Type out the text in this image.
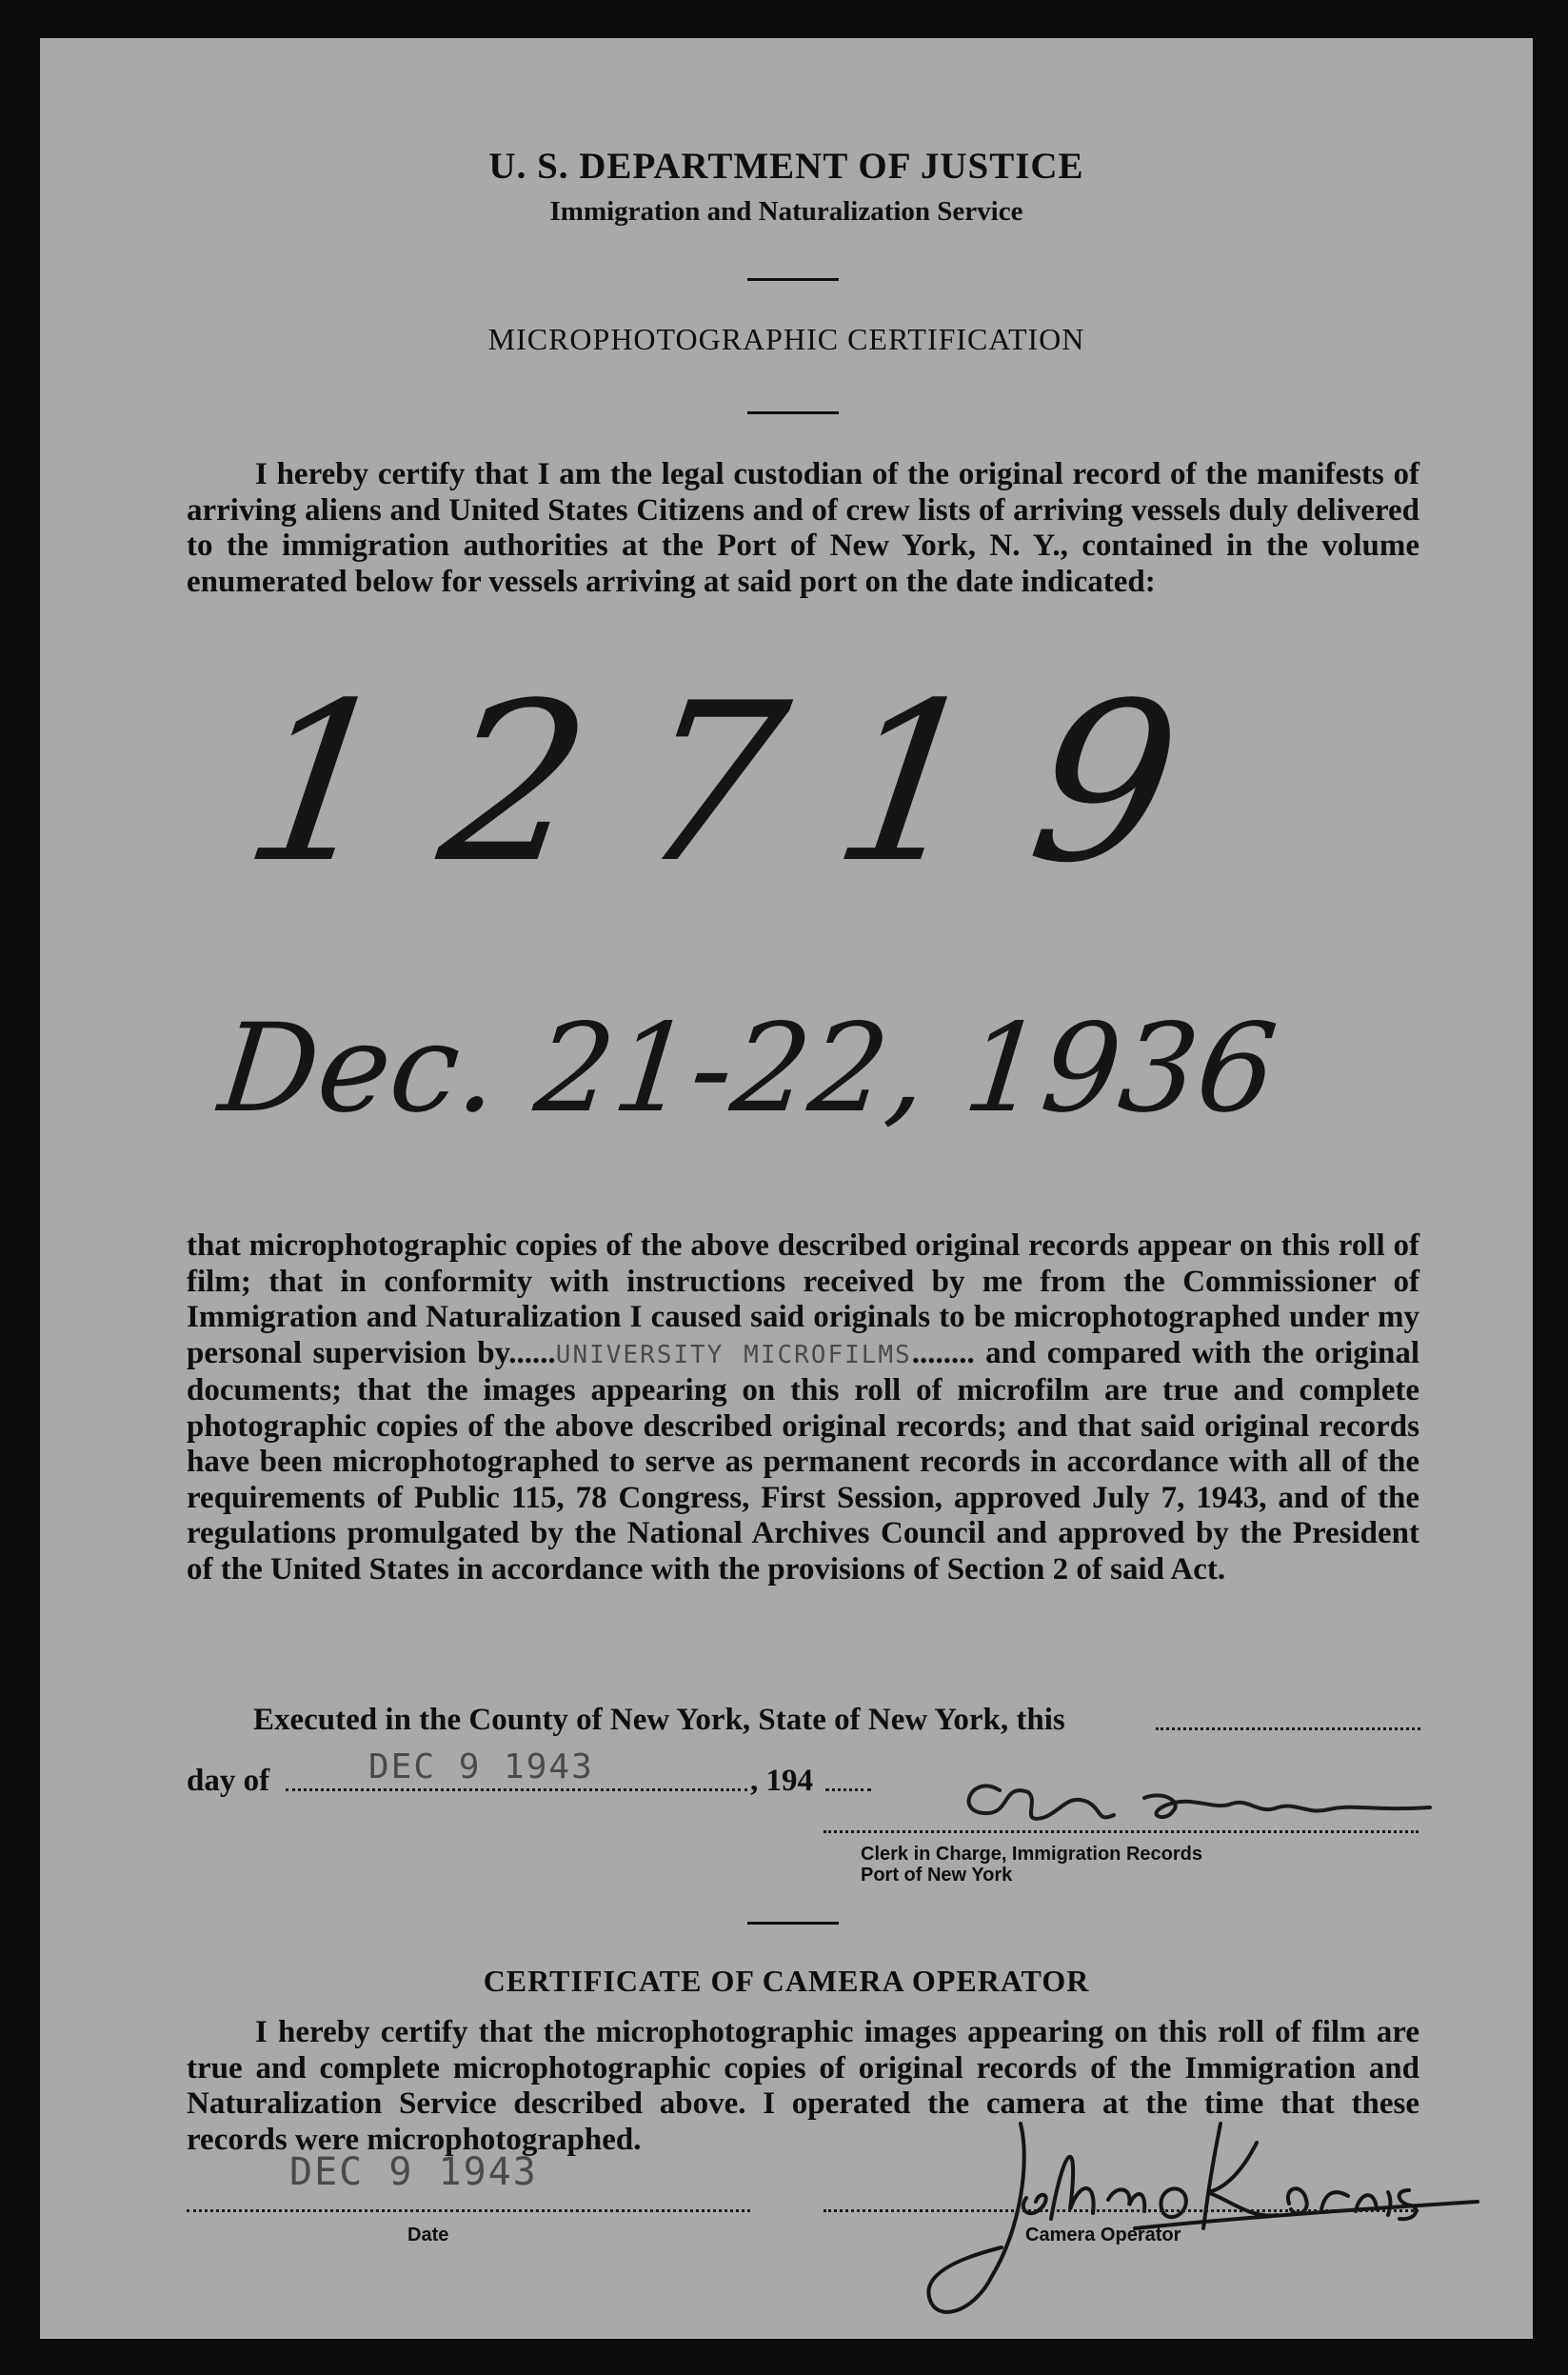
U. S. DEPARTMENT OF JUSTICE
Immigration and Naturalization Service
MICROPHOTOGRAPHIC CERTIFICATION

I hereby certify that I am the legal custodian of the original record of the manifests of arriving aliens and United States Citizens and of crew lists of arriving vessels duly delivered to the immigration authorities at the Port of New York, N. Y., contained in the volume enumerated below for vessels arriving at said port on the date indicated:

12719
Dec. 21-22, 1936

that microphotographic copies of the above described original records appear on this roll of film; that in conformity with instructions received by me from the Commissioner of Immigration and Naturalization I caused said originals to be microphotographed under my personal supervision by......UNIVERSITY MICROFILMS........ and compared with the original documents; that the images appearing on this roll of microfilm are true and complete photographic copies of the above described original records; and that said original records have been microphotographed to serve as permanent records in accordance with all of the requirements of Public 115, 78 Congress, First Session, approved July 7, 1943, and of the regulations promulgated by the National Archives Council and approved by the President of the United States in accordance with the provisions of Section 2 of said Act.

Executed in the County of New York, State of New York, this
day of	DEC 9 1943	, 194
Geo Pracer
Clerk in Charge, Immigration Records
Port of New York
CERTIFICATE OF CAMERA OPERATOR

I hereby certify that the microphotographic images appearing on this roll of film are true and complete microphotographic copies of original records of the Immigration and Naturalization Service described above. I operated the camera at the time that these records were microphotographed.

DEC 9 1943
Date
John O. Karnis
Camera Operator
